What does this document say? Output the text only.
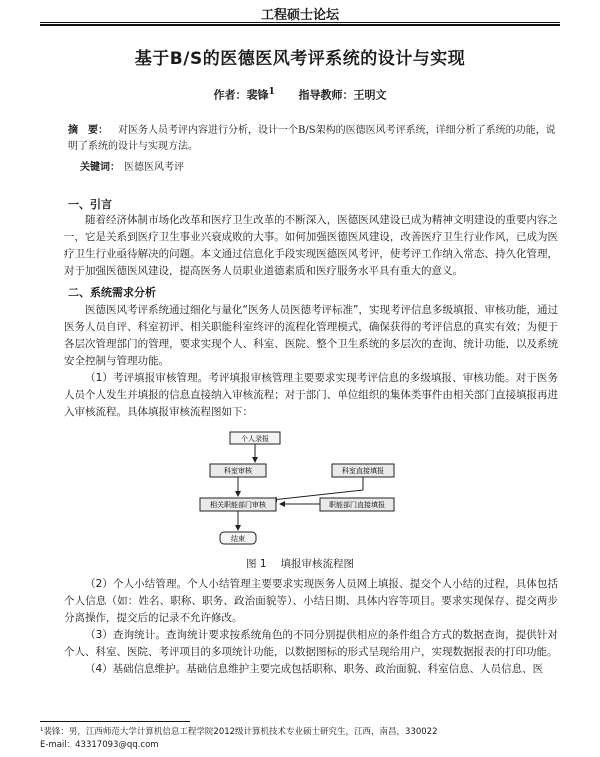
工程硕士论坛
基于B/S的医德医风考评系统的设计与实现
作者：裴锋$^1$ 指导教师：王明文
摘　要： 对医务人员考评内容进行分析，设计一个B/S架构的医德医风考评系统，详细分析了系统的功能，说明了系统的设计与实现方法。
关键词： 医德医风考评
一、引言

随着经济体制市场化改革和医疗卫生改革的不断深入，医德医风建设已成为精神文明建设的重要内容之一，它是关系到医疗卫生事业兴衰成败的大事。如何加强医德医风建设，改善医疗卫生行业作风，已成为医疗卫生行业亟待解决的问题。本文通过信息化手段实现医德医风考评，使考评工作纳入常态、持久化管理，对于加强医德医风建设，提高医务人员职业道德素质和医疗服务水平具有重大的意义。

二、系统需求分析

医德医风考评系统通过细化与量化“医务人员医德考评标准”，实现考评信息多级填报、审核功能，通过医务人员自评、科室初评、相关职能科室终评的流程化管理模式，确保获得的考评信息的真实有效；为便于各层次管理部门的管理，要求实现个人、科室、医院、整个卫生系统的多层次的查询、统计功能，以及系统安全控制与管理功能。

（1）考评填报审核管理。考评填报审核管理主要要求实现考评信息的多级填报、审核功能。对于医务人员个人发生并填报的信息直接纳入审核流程；对于部门、单位组织的集体类事件由相关部门直接填报再进入审核流程。具体填报审核流程图如下：

个人录报
科室审核	科室直接填报
相关职能部门审核	职能部门直接填报
结束
图 1 填报审核流程图

（2）个人小结管理。个人小结管理主要要求实现医务人员网上填报、提交个人小结的过程，具体包括个人信息（如：姓名、职称、职务、政治面貌等）、小结日期、具体内容等项目。要求实现保存、提交两步分离操作，提交后的记录不允许修改。

（3）查询统计。查询统计要求按系统角色的不同分别提供相应的条件组合方式的数据查询，提供针对个人、科室、医院、考评项目的多项统计功能，以数据图标的形式呈现给用户，实现数据报表的打印功能。

（4）基础信息维护。基础信息维护主要完成包括职称、职务、政治面貌、科室信息、人员信息、医

¹裴锋：男，江西师范大学计算机信息工程学院2012级计算机技术专业硕士研究生，江西，南昌，330022
E-mail：43317093@qq.com
